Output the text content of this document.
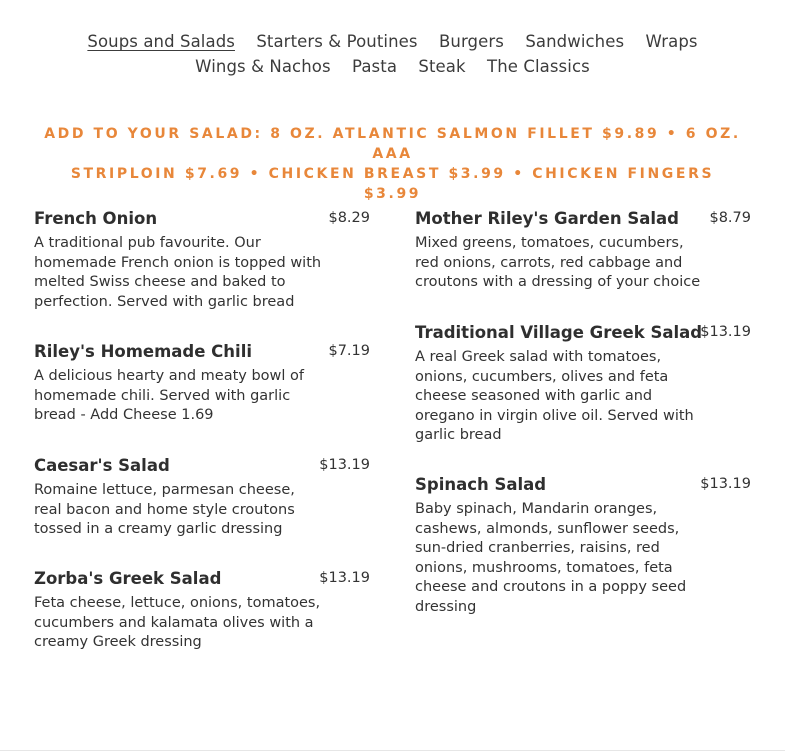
Soups and Salads Starters & Poutines Burgers Sandwiches Wraps
Wings & Nachos Pasta Steak The Classics
ADD TO YOUR SALAD: 8 OZ. ATLANTIC SALMON FILLET $9.89 • 6 OZ. AAA
STRIPLOIN $7.69 • CHICKEN BREAST $3.99 • CHICKEN FINGERS $3.99
French Onion	$8.29
A traditional pub favourite. Our homemade French onion is topped with melted Swiss cheese and baked to perfection. Served with garlic bread
Riley's Homemade Chili	$7.19
A delicious hearty and meaty bowl of homemade chili. Served with garlic bread - Add Cheese 1.69
Caesar's Salad	$13.19
Romaine lettuce, parmesan cheese, real bacon and home style croutons tossed in a creamy garlic dressing
Zorba's Greek Salad	$13.19
Feta cheese, lettuce, onions, tomatoes, cucumbers and kalamata olives with a creamy Greek dressing
Mother Riley's Garden Salad $8.79
Mixed greens, tomatoes, cucumbers, red onions, carrots, red cabbage and croutons with a dressing of your choice
Traditional Village Greek Salad
$13.19
A real Greek salad with tomatoes, onions, cucumbers, olives and feta cheese seasoned with garlic and oregano in virgin olive oil. Served with garlic bread
Spinach Salad	$13.19
Baby spinach, Mandarin oranges, cashews, almonds, sunflower seeds, sun-dried cranberries, raisins, red onions, mushrooms, tomatoes, feta cheese and croutons in a poppy seed dressing
